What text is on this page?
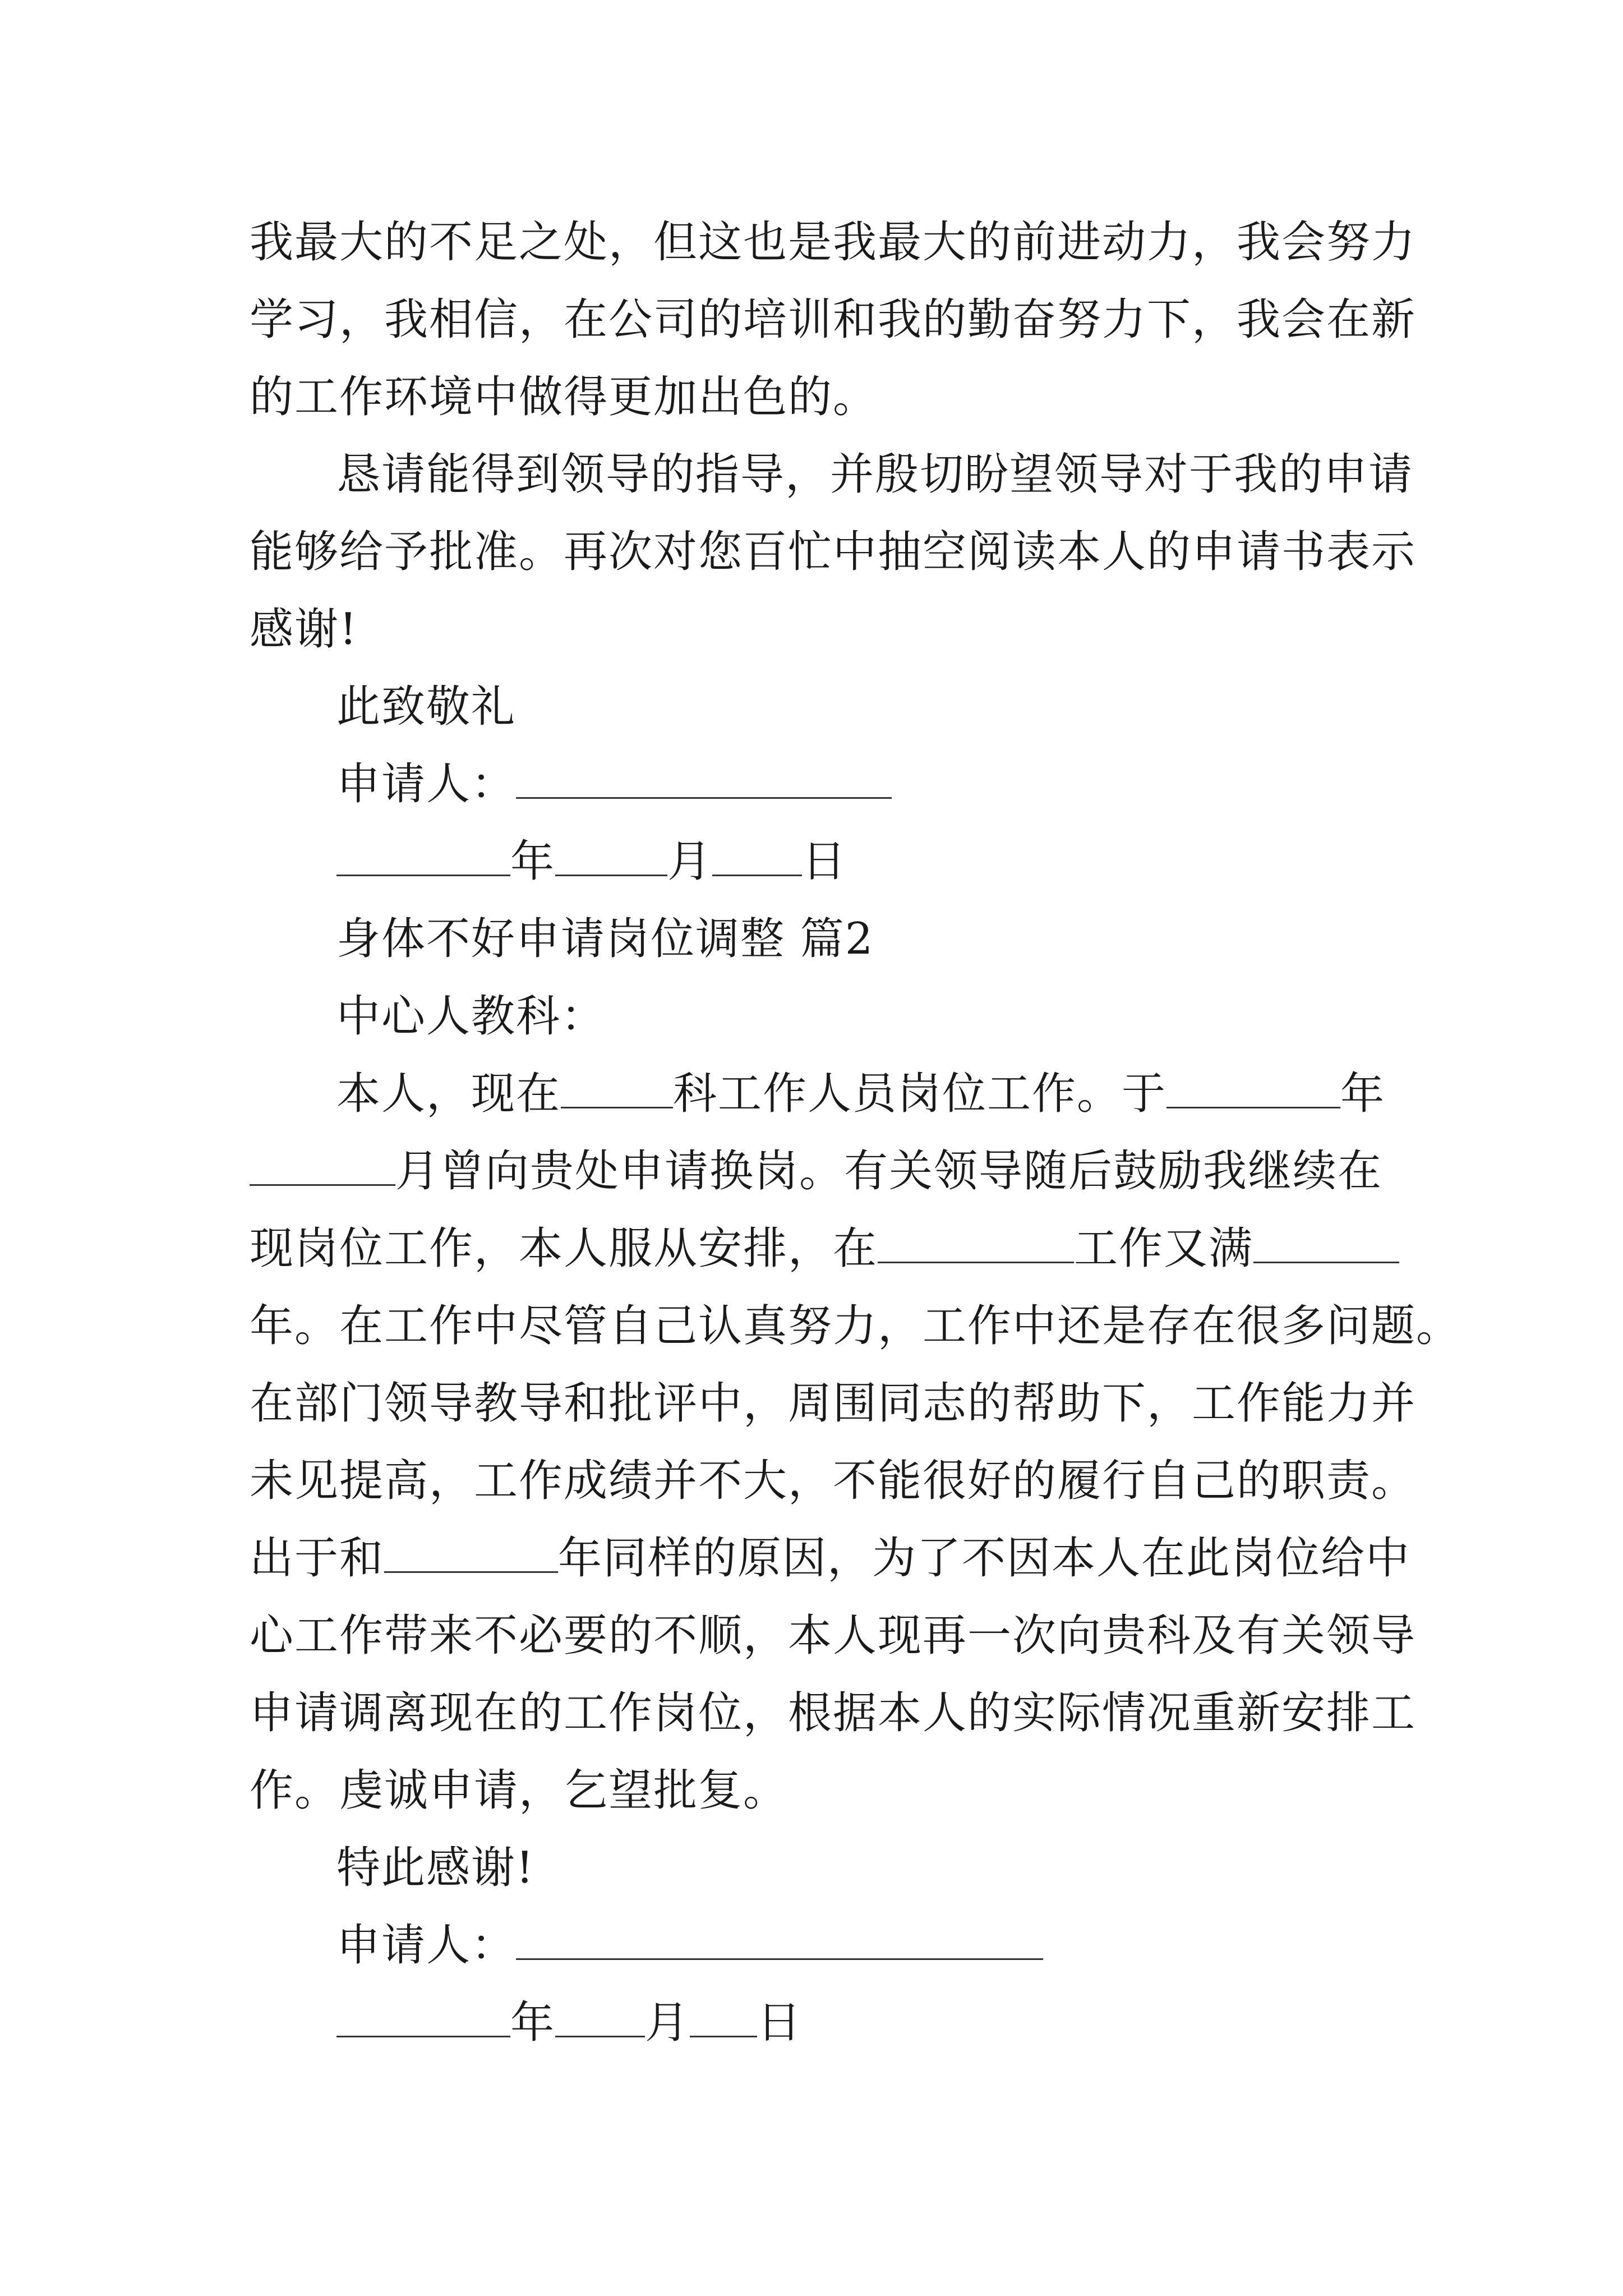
我最大的不足之处，但这也是我最大的前进动力，我会努力
学习，我相信，在公司的培训和我的勤奋努力下，我会在新
的工作环境中做得更加出色的。
恳请能得到领导的指导，并殷切盼望领导对于我的申请
能够给予批准。再次对您百忙中抽空阅读本人的申请书表示
感谢!
此致敬礼
申请人：
年	月 日
身体不好申请岗位调整 篇2
中心人教科：
本人，现在	科工作人员岗位工作。于	年
月曾向贵处申请换岗。有关领导随后鼓励我继续在
现岗位工作，本人服从安排，在	工作又满
年。在工作中尽管自己认真努力，工作中还是存在很多问题。
在部门领导教导和批评中，周围同志的帮助下，工作能力并
未见提高，工作成绩并不大，不能很好的履行自己的职责。
出于和	年同样的原因，为了不因本人在此岗位给中
心工作带来不必要的不顺，本人现再一次向贵科及有关领导
申请调离现在的工作岗位，根据本人的实际情况重新安排工
作。虔诚申请，乞望批复。
特此感谢!
申请人：
年 月 日
